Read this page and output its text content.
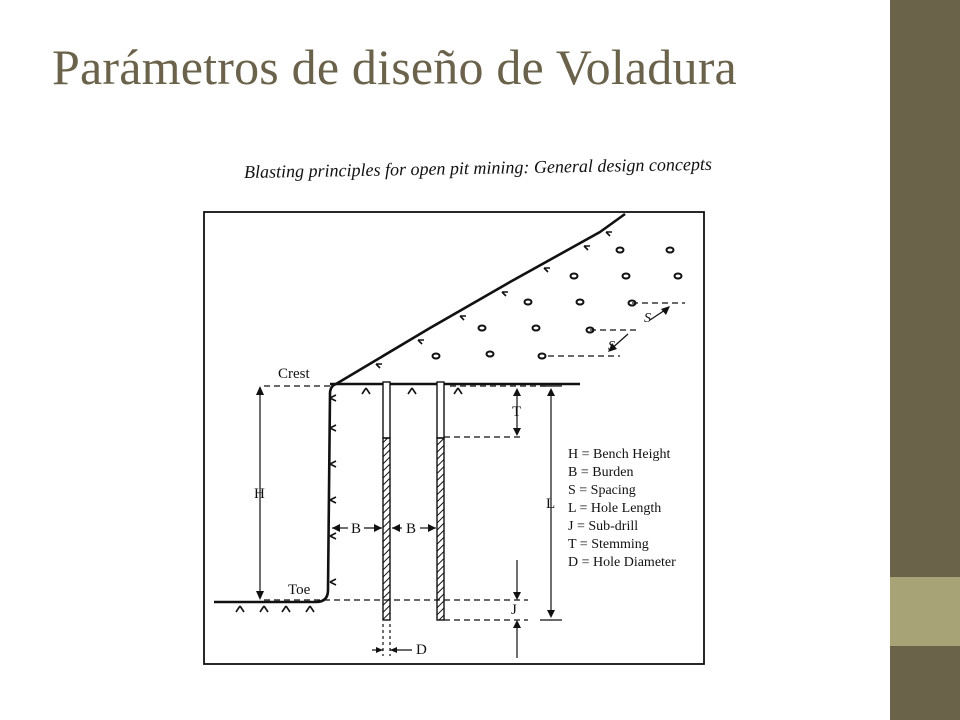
Parámetros de diseño de Voladura

Blasting principles for open pit mining: General design concepts

Crest
Toe
H
B	B
T
L
J
D
S
S
H = Bench Height
B = Burden
S = Spacing
L = Hole Length
J = Sub-drill
T = Stemming
D = Hole Diameter
